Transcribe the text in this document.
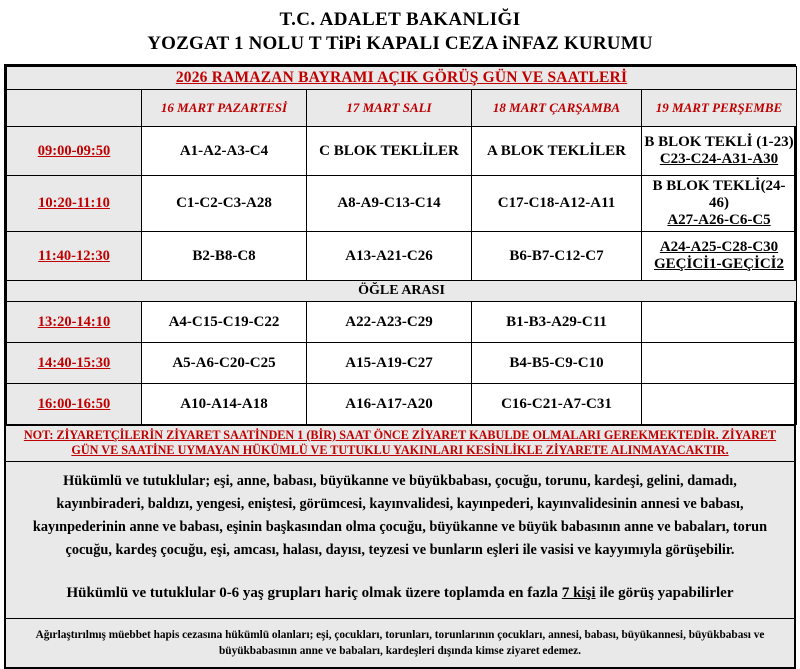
T.C. ADALET BAKANLIĞI
YOZGAT 1 NOLU T TiPi KAPALI CEZA iNFAZ KURUMU
2026 RAMAZAN BAYRAMI AÇIK GÖRÜŞ GÜN VE SAATLERİ				
	16 MART PAZARTESİ	17 MART SALI	18 MART ÇARŞAMBA	19 MART PERŞEMBE
09:00-09:50	A1-A2-A3-C4	C BLOK TEKLİLER	A BLOK TEKLİLER	B BLOK TEKLİ (1-23)
C23-C24-A31-A30

10:20-11:10	C1-C2-C3-A28	A8-A9-C13-C14	C17-C18-A12-A11	B BLOK TEKLİ(24-46)
A27-A26-C6-C5

11:40-12:30	B2-B8-C8	A13-A21-C26	B6-B7-C12-C7	A24-A25-C28-C30
GEÇİCİ1-GEÇİCİ2

ÖĞLE ARASI				
13:20-14:10	A4-C15-C19-C22	A22-A23-C29	B1-B3-A29-C11	

14:40-15:30	A5-A6-C20-C25	A15-A19-C27	B4-B5-C9-C10	

16:00-16:50	A10-A14-A18	A16-A17-A20	C16-C21-A7-C31	

NOT: ZİYARETÇİLERİN ZİYARET SAATİNDEN 1 (BİR) SAAT ÖNCE ZİYARET KABULDE OLMALARI GEREKMEKTEDİR. ZİYARET GÜN VE SAATİNE UYMAYAN HÜKÜMLÜ VE TUTUKLU YAKINLARI KESİNLİKLE ZİYARETE ALINMAYACAKTIR.
Hükümlü ve tutuklular; eşi, anne, babası, büyükanne ve büyükbabası, çocuğu, torunu, kardeşi, gelini, damadı, kayınbiraderi, baldızı, yengesi, eniştesi, görümcesi, kayınvalidesi, kayınpederi, kayınvalidesinin annesi ve babası, kayınpederinin anne ve babası, eşinin başkasından olma çocuğu, büyükanne ve büyük babasının anne ve babaları, torun çocuğu, kardeş çocuğu, eşi, amcası, halası, dayısı, teyzesi ve bunların eşleri ile vasisi ve kayyımıyla görüşebilir.
Hükümlü ve tutuklular 0-6 yaş grupları hariç olmak üzere toplamda en fazla 7 kişi ile görüş yapabilirler
Ağırlaştırılmış müebbet hapis cezasına hükümlü olanları; eşi, çocukları, torunları, torunlarının çocukları, annesi, babası, büyükannesi, büyükbabası ve büyükbabasının anne ve babaları, kardeşleri dışında kimse ziyaret edemez.
